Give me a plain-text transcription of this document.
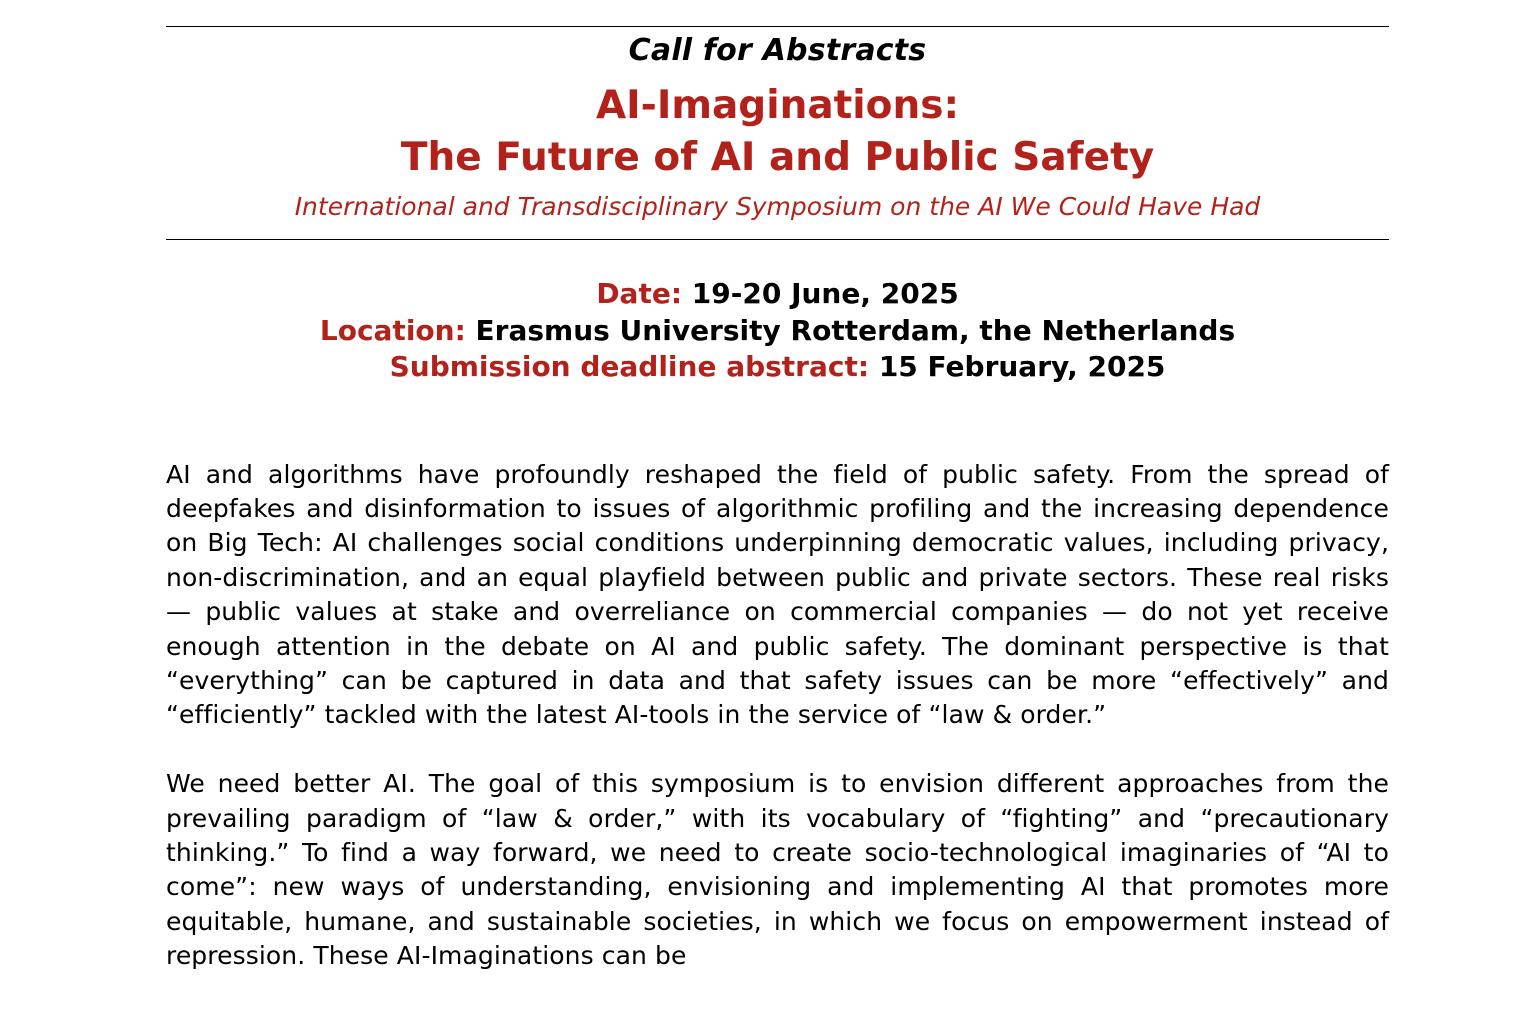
Call for Abstracts
AI-Imaginations:
The Future of AI and Public Safety
International and Transdisciplinary Symposium on the AI We Could Have Had
Date: 19-20 June, 2025
Location: Erasmus University Rotterdam, the Netherlands
Submission deadline abstract: 15 February, 2025

AI and algorithms have profoundly reshaped the field of public safety. From the spread of deepfakes and disinformation to issues of algorithmic profiling and the increasing dependence on Big Tech: AI challenges social conditions underpinning democratic values, including privacy, non-discrimination, and an equal playfield between public and private sectors. These real risks — public values at stake and overreliance on commercial companies — do not yet receive enough attention in the debate on AI and public safety. The dominant perspective is that “everything” can be captured in data and that safety issues can be more “effectively” and “efficiently” tackled with the latest AI-tools in the service of “law & order.”

We need better AI. The goal of this symposium is to envision different approaches from the prevailing paradigm of “law & order,” with its vocabulary of “fighting” and “precautionary thinking.” To find a way forward, we need to create socio-technological imaginaries of “AI to come”: new ways of understanding, envisioning and implementing AI that promotes more equitable, humane, and sustainable societies, in which we focus on empowerment instead of repression. These AI-Imaginations can be
